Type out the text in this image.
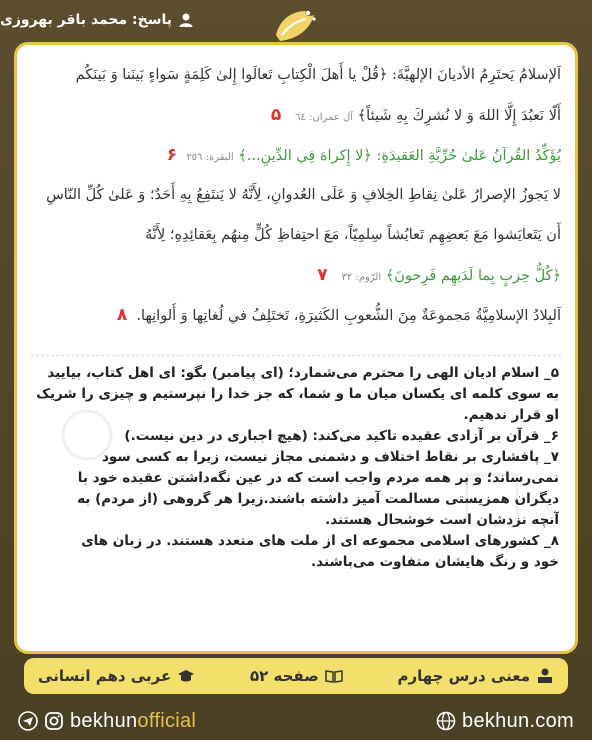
پاسخ: محمد باقر بهروزی
اَلإسلامُ يَحتَرِمُ الأديانَ الإلهيَّةَ: ﴿قُلْ يا أَهلَ الْكِتابِ تَعالَوا إِلىٰ كَلِمَةٍ سَواءٍ بَينَنا وَ بَينَكُم
أَلّا نَعبُدَ إِلَّا اللهَ وَ لا نُشرِكَ بِهِ شَيئاً﴾ آل عمران: ٦٤   ۵
يُؤَكِّدُ القُرآنُ عَلىٰ حُرِّيَّةِ العَقيدَةِ: ﴿لا إِكراهَ فِي الدِّينِ...﴾ البقرة: ٢٥٦  ۶
لا يَجوزُ الإصرارُ عَلىٰ نِقاطِ الخِلافِ وَ عَلَى العُدوانِ، لِأَنَّهُ لا يَنتَفِعُ بِهِ أَحَدٌ؛ وَ عَلىٰ كُلِّ النّاسِ
أَن يَتَعايَشوا مَعَ بَعضِهِم تَعايُشاً سِلمِيّاً، مَعَ احتِفاظِ كُلٍّ مِنهُم بِعَقائِدِهِ؛ لِأَنَّهُ
﴿كُلُّ حِزبٍ بِما لَدَيهِم فَرِحونَ﴾ الرّوم: ٣٢   ۷
اَلبِلادُ الإسلامِيَّةُ مَجموعَةٌ مِنَ الشُّعوبِ الكَثيرَةِ، تَختَلِفُ في لُغاتِها وَ أَلوانِها.  ۸
۵_ اسلام ادیان الهی را محترم می‌شمارد؛ (ای پیامبر) بگو: ای اهل کتاب، بیایید
به سوی کلمه ای یکسان میان ما و شما، که جز خدا را نپرستیم و چیزی را شریک
او قرار ندهیم.
۶_ قرآن بر آزادی عقیده تاکید می‌کند: (هیچ اجباری در دین نیست.)
۷_ پافشاری بر نقاط اختلاف و دشمنی مجاز نیست، زیرا به کسی سود
نمی‌رساند؛ و بر همه مردم واجب است که در عین نگه‌داشتن عقیده خود با
دیگران همزیستی مسالمت آمیز داشته باشند.زیرا هر گروهی (از مردم) به
آنچه نزدشان است خوشحال هستند.
۸_ کشورهای اسلامی مجموعه ای از ملت های متعدد هستند. در زبان های
خود و رنگ هایشان متفاوت می‌باشند.
معنی درس چهارم
صفحه ۵۲
عربی دهم انسانی
bekhunofficial	bekhun.com
